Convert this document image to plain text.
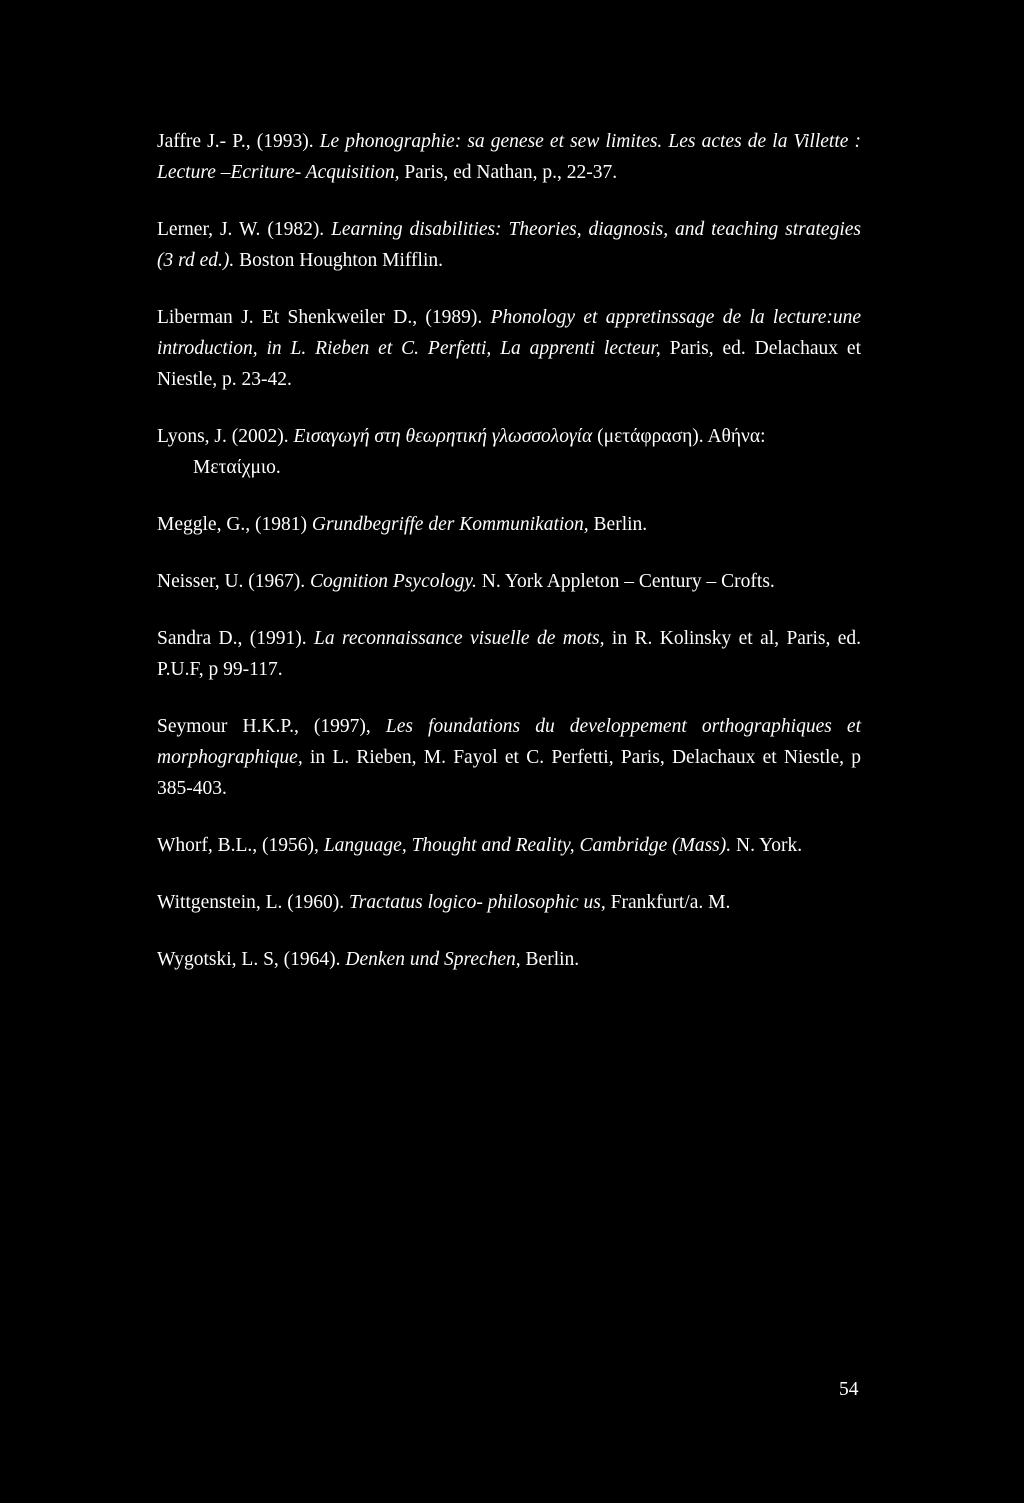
Jaffre J.- P., (1993). Le phonographie: sa genese et sew limites. Les actes de la Villette : Lecture –Ecriture- Acquisition, Paris, ed Nathan, p., 22-37.

Lerner, J. W. (1982). Learning disabilities: Theories, diagnosis, and teaching strategies (3 rd ed.). Boston Houghton Mifflin.

Liberman J. Et Shenkweiler D., (1989). Phonology et appretinssage de la lecture:une introduction, in L. Rieben et C. Perfetti, La apprenti lecteur, Paris, ed. Delachaux et Niestle, p. 23-42.

Lyons, J. (2002). Εισαγωγή στη θεωρητική γλωσσολογία (μετάφραση). Αθήνα:
Μεταίχμιο.

Meggle, G., (1981) Grundbegriffe der Kommunikation, Berlin.

Neisser, U. (1967). Cognition Psycology. N. York Appleton – Century – Crofts.

Sandra D., (1991). La reconnaissance visuelle de mots, in R. Kolinsky et al, Paris, ed. P.U.F, p 99-117.

Seymour H.K.P., (1997), Les foundations du developpement orthographiques et morphographique, in L. Rieben, M. Fayol et C. Perfetti, Paris, Delachaux et Niestle, p 385-403.

Whorf, B.L., (1956), Language, Thought and Reality, Cambridge (Mass). N. York.

Wittgenstein, L. (1960). Tractatus logico- philosophic us, Frankfurt/a. M.

Wygotski, L. S, (1964). Denken und Sprechen, Berlin.

54
